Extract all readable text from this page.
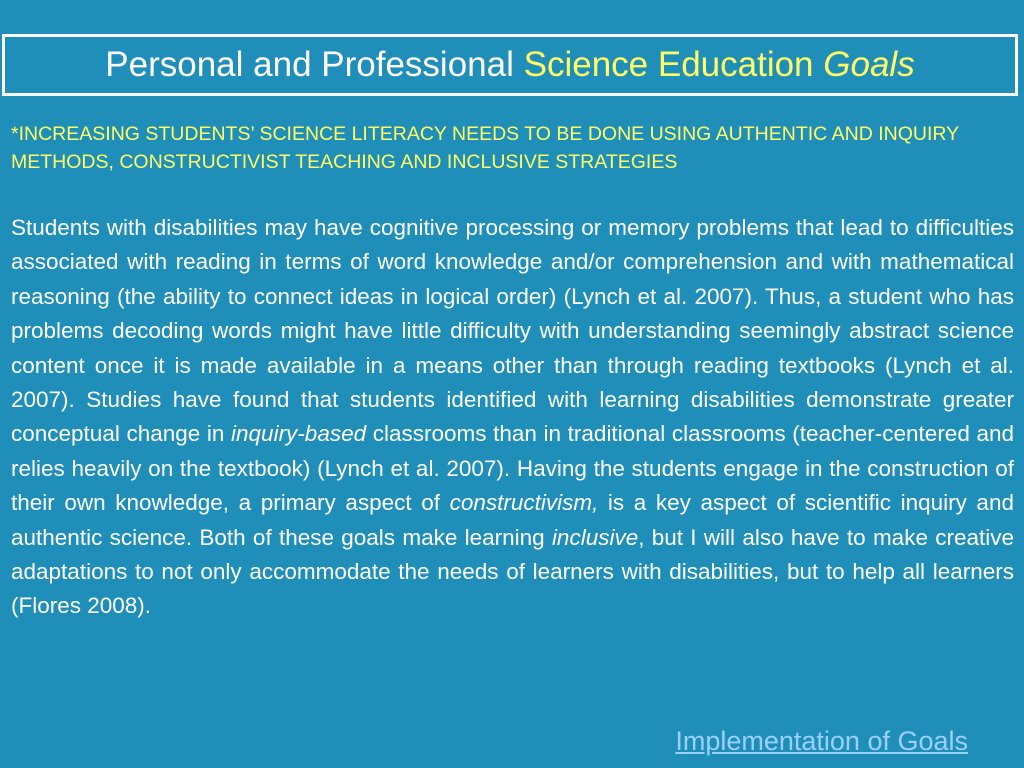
Personal and Professional
Science Education
Goals
*INCREASING STUDENTS’ SCIENCE LITERACY NEEDS TO BE DONE USING AUTHENTIC AND INQUIRY METHODS, CONSTRUCTIVIST TEACHING AND INCLUSIVE STRATEGIES
Students with disabilities may have cognitive processing or memory problems that lead to difficulties associated with reading in terms of word knowledge and/or comprehension and with mathematical reasoning (the ability to connect ideas in logical order) (Lynch et al. 2007). Thus, a student who has problems decoding words might have little difficulty with understanding seemingly abstract science content once it is made available in a means other than through reading textbooks (Lynch et al. 2007). Studies have found that students identified with learning disabilities demonstrate greater conceptual change in inquiry-based classrooms than in traditional classrooms (teacher-centered and relies heavily on the textbook) (Lynch et al. 2007). Having the students engage in the construction of their own knowledge, a primary aspect of constructivism, is a key aspect of scientific inquiry and authentic science. Both of these goals make learning inclusive, but I will also have to make creative adaptations to not only accommodate the needs of learners with disabilities, but to help all learners (Flores 2008).
Implementation of Goals
